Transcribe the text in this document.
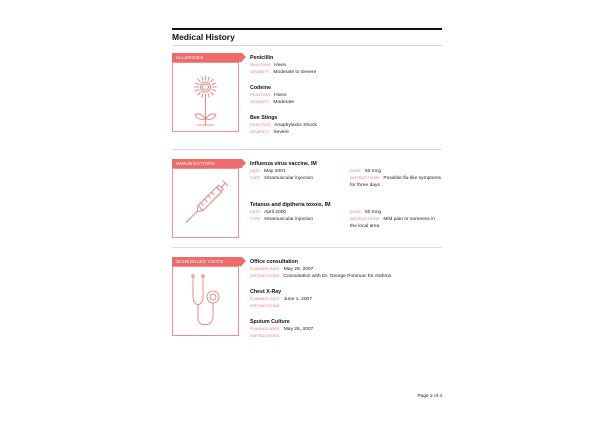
Medical History
ALLERGIES	Penicillin
REACTION Hives
SEVERITY Moderate to Severe
Codeine
REACTION Hives
SEVERITY Moderate
Bee Stings
REACTION Anaphylactic Shock
SEVERITY Severe
IMMUNIZATIONS	Influenza virus vaccine, IM
DATE May 2001
TYPE Intramuscular injection
DOSE 50 mcg
INSTRUCTIONS Possible flu-like symptoms for three days
Tetanus and diptheria toxois, IM
DATE April 2000
TYPE Intramuscular injection
DOSE 50 mcg
INSTRUCTIONS Mild pain or soreness in the local area
SCHEDULED VISITS	Office consultation
PLANNED DATE May 28, 2007
INSTRUCTIONS Consultation with Dr. George Potomac for Asthma
Chest X-Ray
PLANNED DATE June 1, 2007
INSTRUCTIONS
Sputum Culture
PLANNED DATE May 28, 2007
INSTRUCTIONS
Page 2 of 4
